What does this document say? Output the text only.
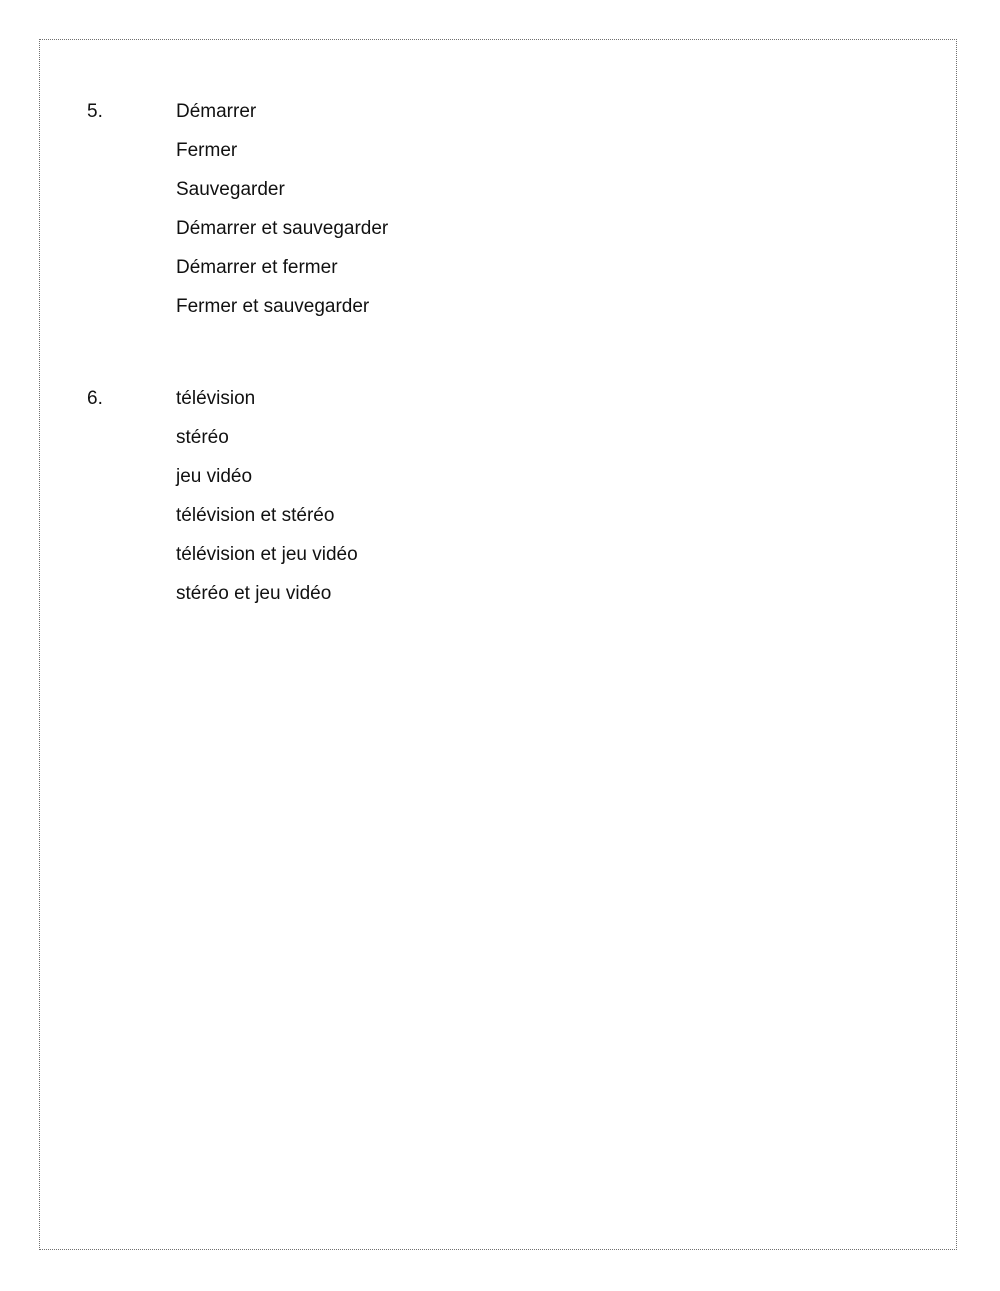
5.	Démarrer
Fermer
Sauvegarder
Démarrer et sauvegarder
Démarrer et fermer
Fermer et sauvegarder
6.	télévision
stéréo
jeu vidéo
télévision et stéréo
télévision et jeu vidéo
stéréo et jeu vidéo
